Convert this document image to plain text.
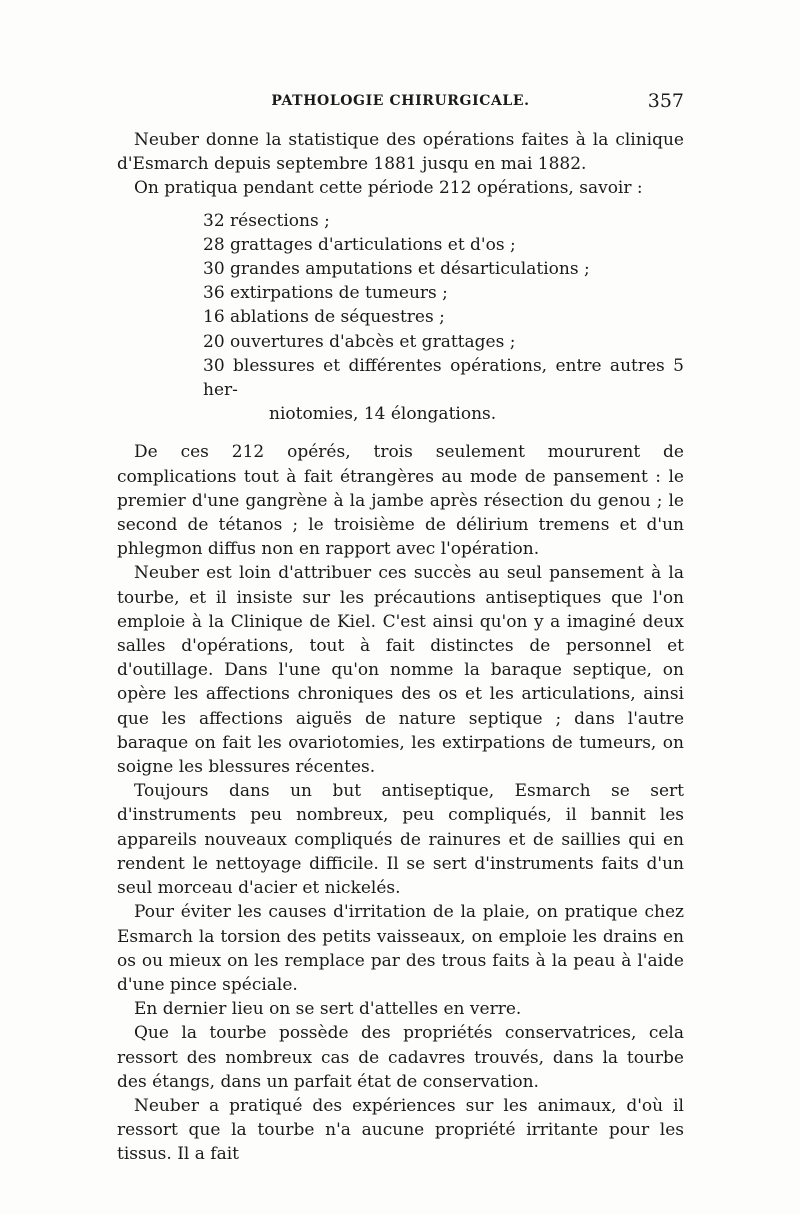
PATHOLOGIE CHIRURGICALE.	357

Neuber donne la statistique des opérations faites à la clinique d'Esmarch depuis septembre 1881 jusqu en mai 1882.

On pratiqua pendant cette période 212 opérations, savoir :

32 résections ;
28 grattages d'articulations et d'os ;
30 grandes amputations et désarticulations ;
36 extirpations de tumeurs ;
16 ablations de séquestres ;
20 ouvertures d'abcès et grattages ;
30 blessures et différentes opérations, entre autres 5 her-
niotomies, 14 élongations.

De ces 212 opérés, trois seulement moururent de complications tout à fait étrangères au mode de pansement : le premier d'une gangrène à la jambe après résection du genou ; le second de tétanos ; le troisième de délirium tremens et d'un phlegmon diffus non en rapport avec l'opération.

Neuber est loin d'attribuer ces succès au seul pansement à la tourbe, et il insiste sur les précautions antiseptiques que l'on emploie à la Clinique de Kiel. C'est ainsi qu'on y a imaginé deux salles d'opérations, tout à fait distinctes de personnel et d'outillage. Dans l'une qu'on nomme la baraque septique, on opère les affections chroniques des os et les articulations, ainsi que les affections aiguës de nature septique ; dans l'autre baraque on fait les ovariotomies, les extirpations de tumeurs, on soigne les blessures récentes.

Toujours dans un but antiseptique, Esmarch se sert d'instruments peu nombreux, peu compliqués, il bannit les appareils nouveaux compliqués de rainures et de saillies qui en rendent le nettoyage difficile. Il se sert d'instruments faits d'un seul morceau d'acier et nickelés.

Pour éviter les causes d'irritation de la plaie, on pratique chez Esmarch la torsion des petits vaisseaux, on emploie les drains en os ou mieux on les remplace par des trous faits à la peau à l'aide d'une pince spéciale.

En dernier lieu on se sert d'attelles en verre.

Que la tourbe possède des propriétés conservatrices, cela ressort des nombreux cas de cadavres trouvés, dans la tourbe des étangs, dans un parfait état de conservation.

Neuber a pratiqué des expériences sur les animaux, d'où il ressort que la tourbe n'a aucune propriété irritante pour les tissus. Il a fait
